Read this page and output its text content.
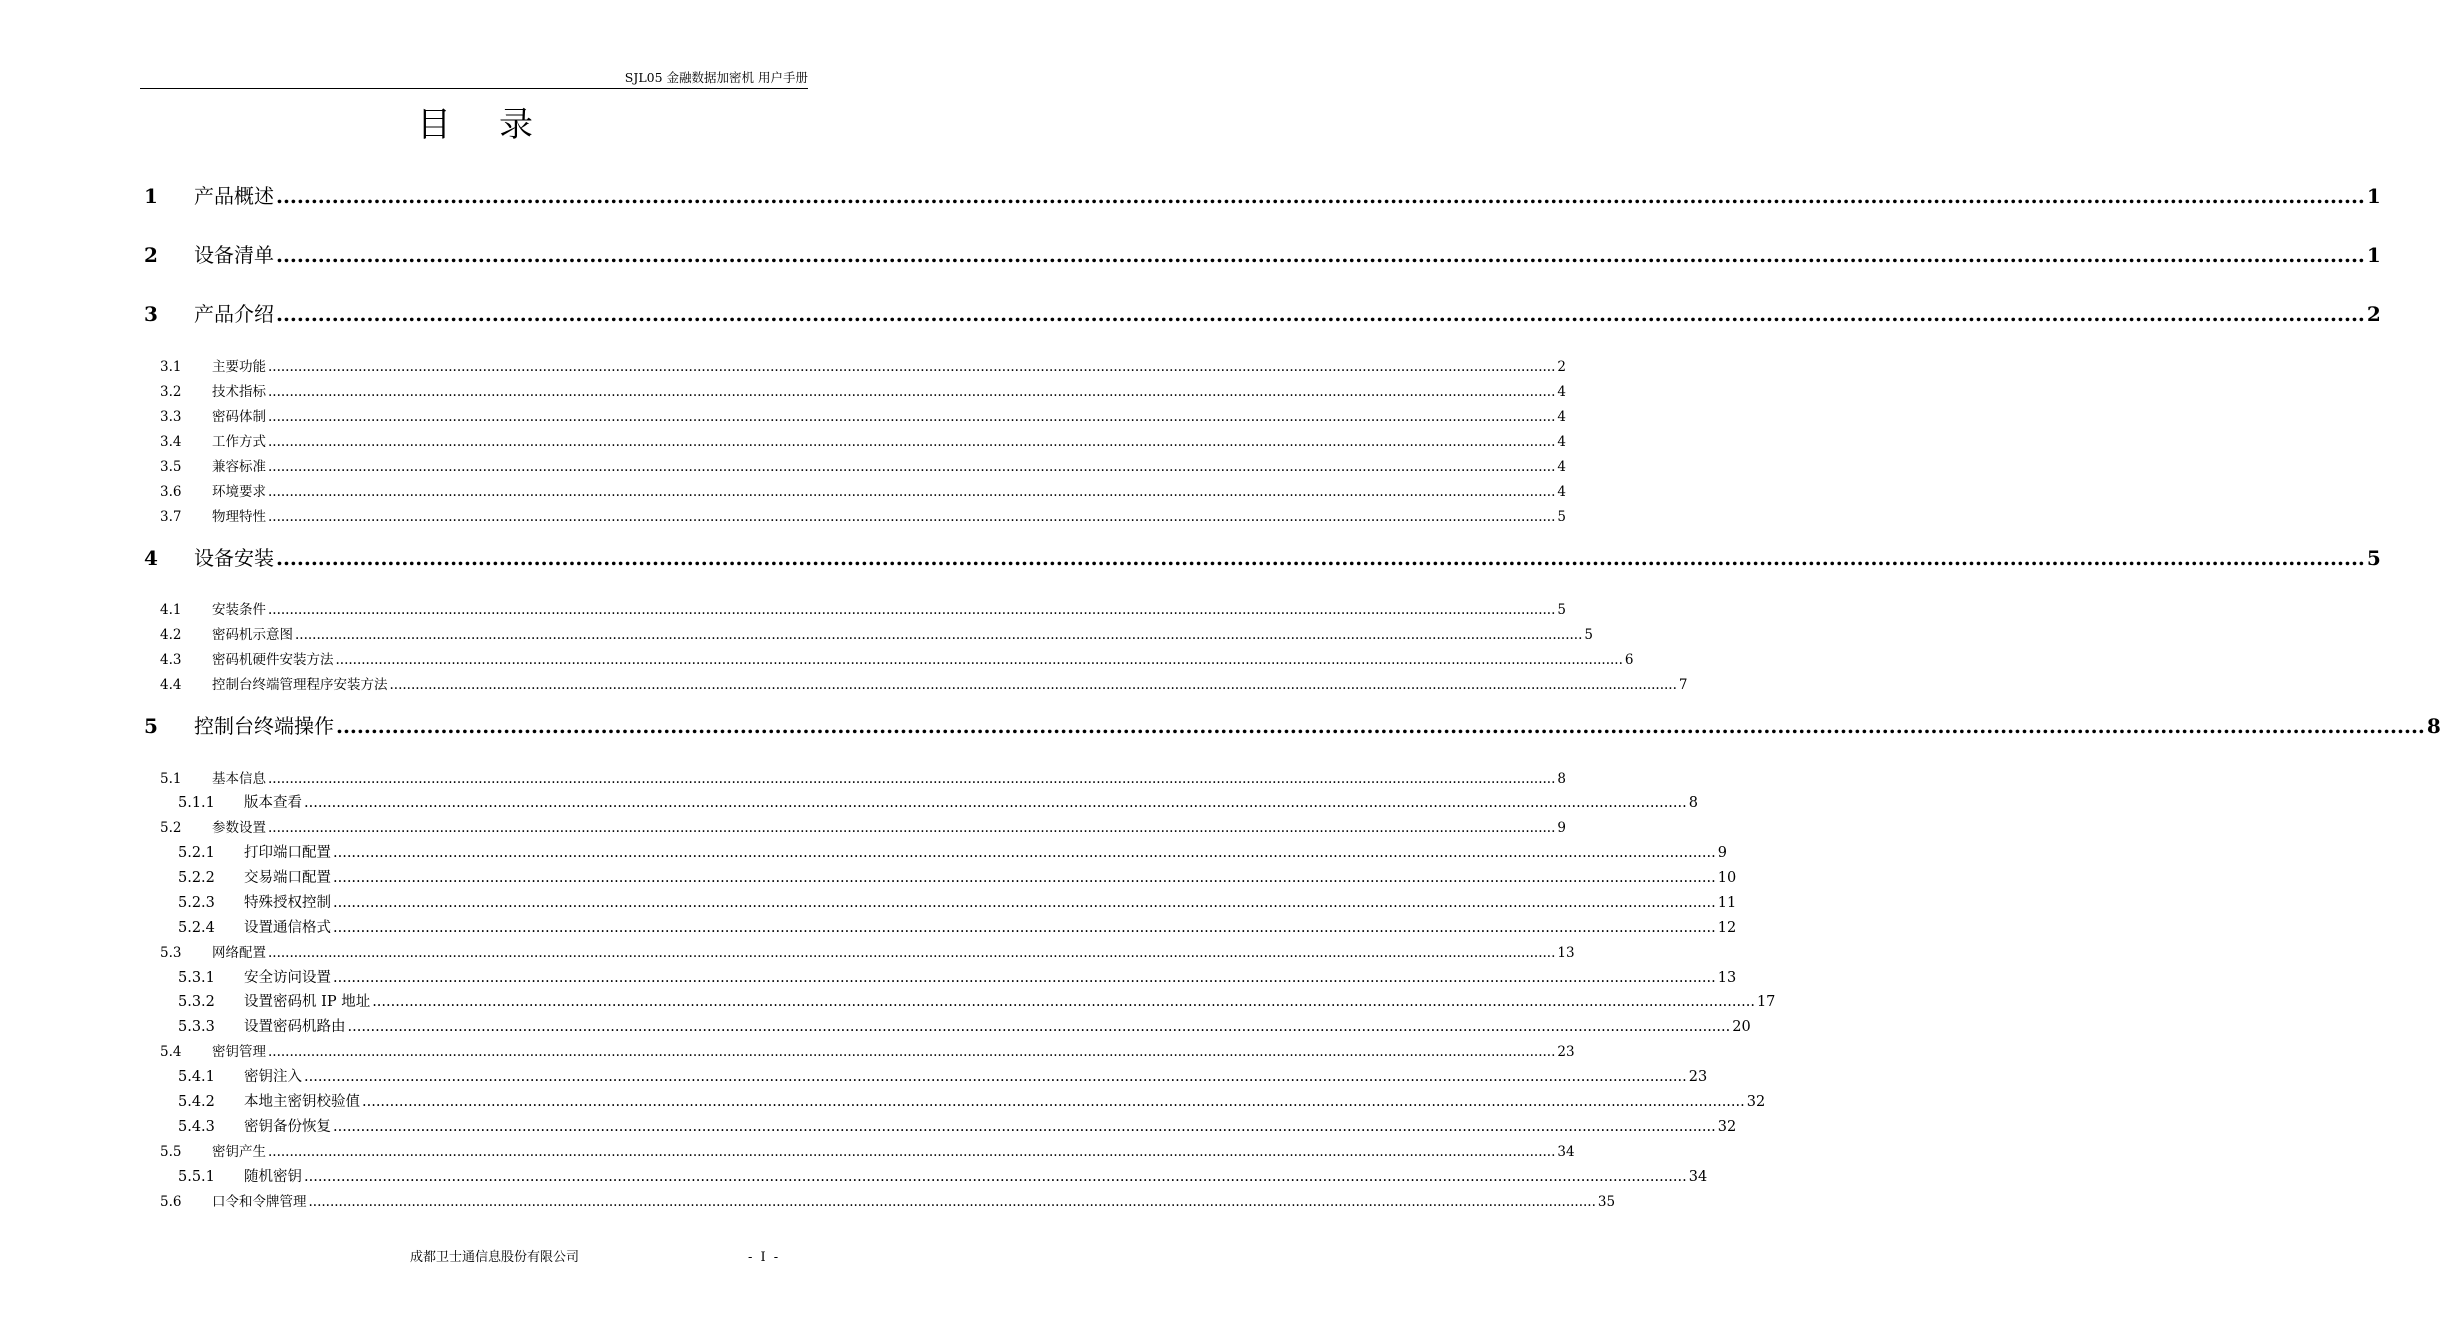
SJL05 金融数据加密机 用户手册
目录
1	产品概述 ............................................................................................................................................................................................................................................................................................................ 1
2	设备清单 ............................................................................................................................................................................................................................................................................................................ 1
3	产品介绍 ............................................................................................................................................................................................................................................................................................................ 2
3.1	主要功能 ............................................................................................................................................................................................................................................................................................................ 2
3.2	技术指标 ............................................................................................................................................................................................................................................................................................................ 4
3.3	密码体制 ............................................................................................................................................................................................................................................................................................................ 4
3.4	工作方式 ............................................................................................................................................................................................................................................................................................................ 4
3.5	兼容标准 ............................................................................................................................................................................................................................................................................................................ 4
3.6	环境要求 ............................................................................................................................................................................................................................................................................................................ 4
3.7	物理特性 ............................................................................................................................................................................................................................................................................................................ 5
4	设备安装 ............................................................................................................................................................................................................................................................................................................ 5
4.1	安装条件 ............................................................................................................................................................................................................................................................................................................ 5
4.2	密码机示意图 ............................................................................................................................................................................................................................................................................................................ 5
4.3	密码机硬件安装方法 ............................................................................................................................................................................................................................................................................................................ 6
4.4	控制台终端管理程序安装方法 ............................................................................................................................................................................................................................................................................................................ 7
5	控制台终端操作 ............................................................................................................................................................................................................................................................................................................ 8
5.1	基本信息 ............................................................................................................................................................................................................................................................................................................ 8
5.1.1	版本查看 ............................................................................................................................................................................................................................................................................................................ 8
5.2	参数设置 ............................................................................................................................................................................................................................................................................................................ 9
5.2.1	打印端口配置 ............................................................................................................................................................................................................................................................................................................ 9
5.2.2	交易端口配置 ............................................................................................................................................................................................................................................................................................................ 10
5.2.3	特殊授权控制 ............................................................................................................................................................................................................................................................................................................ 11
5.2.4	设置通信格式 ............................................................................................................................................................................................................................................................................................................ 12
5.3	网络配置 ............................................................................................................................................................................................................................................................................................................ 13
5.3.1	安全访问设置 ............................................................................................................................................................................................................................................................................................................ 13
5.3.2	设置密码机 IP 地址 ............................................................................................................................................................................................................................................................................................................ 17
5.3.3	设置密码机路由 ............................................................................................................................................................................................................................................................................................................ 20
5.4	密钥管理 ............................................................................................................................................................................................................................................................................................................ 23
5.4.1	密钥注入 ............................................................................................................................................................................................................................................................................................................ 23
5.4.2	本地主密钥校验值 ............................................................................................................................................................................................................................................................................................................ 32
5.4.3	密钥备份恢复 ............................................................................................................................................................................................................................................................................................................ 32
5.5	密钥产生 ............................................................................................................................................................................................................................................................................................................ 34
5.5.1	随机密钥 ............................................................................................................................................................................................................................................................................................................ 34
5.6	口令和令牌管理 ............................................................................................................................................................................................................................................................................................................ 35
成都卫士通信息股份有限公司	- I -
